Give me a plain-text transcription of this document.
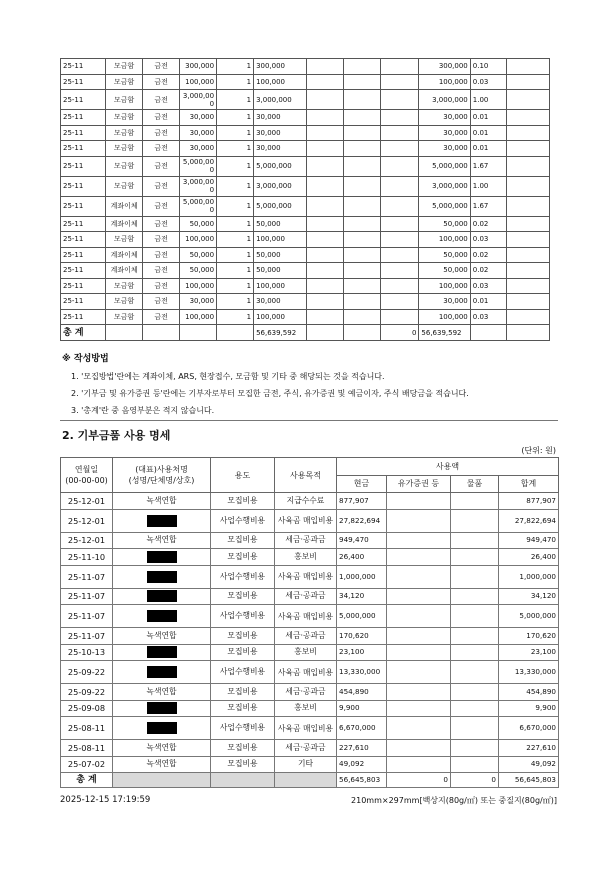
25-11	모금함	금전	300,000	1	300,000				300,000	0.10	
25-11	모금함	금전	100,000	1	100,000				100,000	0.03	
25-11	모금함	금전	3,000,000	1	3,000,000				3,000,000	1.00	
25-11	모금함	금전	30,000	1	30,000				30,000	0.01	
25-11	모금함	금전	30,000	1	30,000				30,000	0.01	
25-11	모금함	금전	30,000	1	30,000				30,000	0.01	
25-11	모금함	금전	5,000,000	1	5,000,000				5,000,000	1.67	
25-11	모금함	금전	3,000,000	1	3,000,000				3,000,000	1.00	
25-11	계좌이체	금전	5,000,000	1	5,000,000				5,000,000	1.67	
25-11	계좌이체	금전	50,000	1	50,000				50,000	0.02	
25-11	모금함	금전	100,000	1	100,000				100,000	0.03	
25-11	계좌이체	금전	50,000	1	50,000				50,000	0.02	
25-11	계좌이체	금전	50,000	1	50,000				50,000	0.02	
25-11	모금함	금전	100,000	1	100,000				100,000	0.03	
25-11	모금함	금전	30,000	1	30,000				30,000	0.01	
25-11	모금함	금전	100,000	1	100,000				100,000	0.03	
총 계					56,639,592			0	56,639,592		
※ 작성방법
1. '모집방법'란에는 계좌이체, ARS, 현장접수, 모금함 및 기타 중 해당되는 것을 적습니다.
2. '기부금 및 유가증권 등'란에는 기부자로부터 모집한 금전, 주식, 유가증권 및 예금이자, 주식 배당금을 적습니다.
3. '총계'란 중 음영부분은 적지 않습니다.
2. 기부금품 사용 명세
(단위: 원)
연월일
(00-00-00)	(대표)사용처명
(성명/단체명/상호)	용도	사용목적	사용액			
				현금	유가증권 등	물품	합계
25-12-01	녹색연합	모집비용	지급수수료	877,907			877,907
25-12-01		사업수행비용	사육곰 매입비용	27,822,694			27,822,694
25-12-01	녹색연합	모집비용	세금·공과금	949,470			949,470
25-11-10		모집비용	홍보비	26,400			26,400
25-11-07		사업수행비용	사육곰 매입비용	1,000,000			1,000,000
25-11-07		모집비용	세금·공과금	34,120			34,120
25-11-07		사업수행비용	사육곰 매입비용	5,000,000			5,000,000
25-11-07	녹색연합	모집비용	세금·공과금	170,620			170,620
25-10-13		모집비용	홍보비	23,100			23,100
25-09-22		사업수행비용	사육곰 매입비용	13,330,000			13,330,000
25-09-22	녹색연합	모집비용	세금·공과금	454,890			454,890
25-09-08		모집비용	홍보비	9,900			9,900
25-08-11		사업수행비용	사육곰 매입비용	6,670,000			6,670,000
25-08-11	녹색연합	모집비용	세금·공과금	227,610			227,610
25-07-02	녹색연합	모집비용	기타	49,092			49,092
총 계				56,645,803	0	0	56,645,803
2025-12-15 17:19:59	210mm×297mm[백상지(80g/㎡) 또는 중질지(80g/㎡)]
